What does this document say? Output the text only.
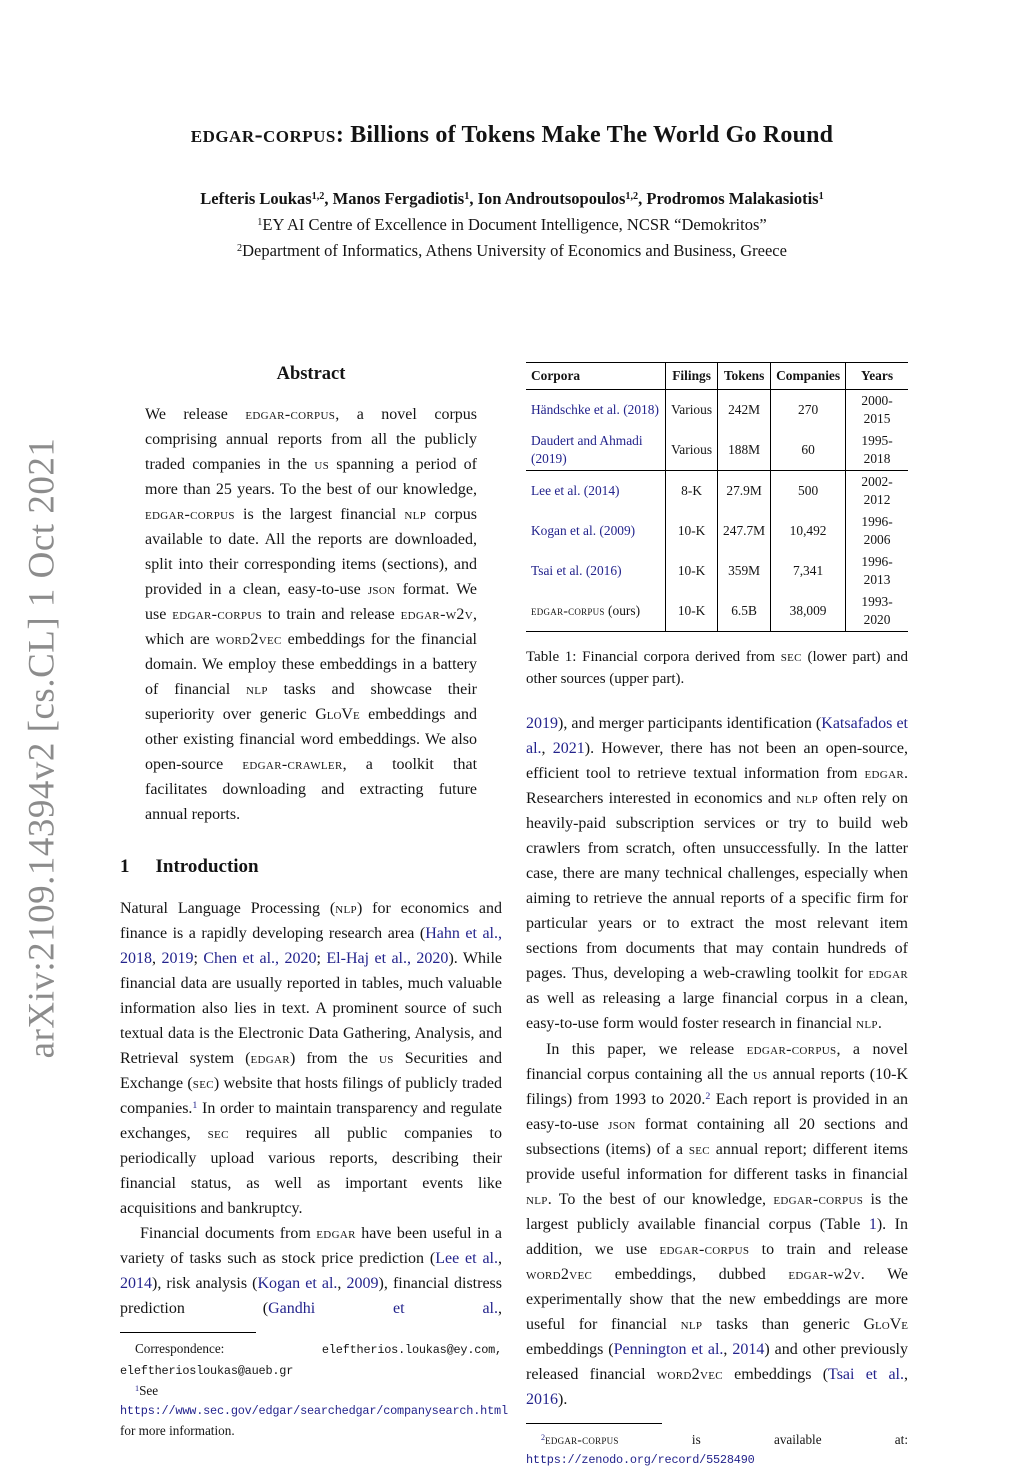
arXiv:2109.14394v2 [cs.CL] 1 Oct 2021
edgar-corpus: Billions of Tokens Make The World Go Round
Lefteris Loukas$^{1,2}$, Manos Fergadiotis$^1$, Ion Androutsopoulos$^{1,2}$, Prodromos Malakasiotis$^1$
$^1$EY AI Centre of Excellence in Document Intelligence, NCSR “Demokritos”
$^2$Department of Informatics, Athens University of Economics and Business, Greece
Abstract

We release edgar-corpus, a novel corpus comprising annual reports from all the publicly traded companies in the us spanning a period of more than 25 years. To the best of our knowledge, edgar-corpus is the largest financial nlp corpus available to date. All the reports are downloaded, split into their corresponding items (sections), and provided in a clean, easy-to-use json format. We use edgar-corpus to train and release edgar-w2v, which are word2vec embeddings for the financial domain. We employ these embeddings in a battery of financial nlp tasks and showcase their superiority over generic GloVe embeddings and other existing financial word embeddings. We also open-source edgar-crawler, a toolkit that facilitates downloading and extracting future annual reports.

1 Introduction

Natural Language Processing (nlp) for economics and finance is a rapidly developing research area (Hahn et al., 2018, 2019; Chen et al., 2020; El-Haj et al., 2020). While financial data are usually reported in tables, much valuable information also lies in text. A prominent source of such textual data is the Electronic Data Gathering, Analysis, and Retrieval system (edgar) from the us Securities and Exchange (sec) website that hosts filings of publicly traded companies.$^1$ In order to maintain transparency and regulate exchanges, sec requires all public companies to periodically upload various reports, describing their financial status, as well as important events like acquisitions and bankruptcy.

Financial documents from edgar have been useful in a variety of tasks such as stock price prediction (Lee et al., 2014), risk analysis (Kogan et al., 2009), financial distress prediction (Gandhi et al.,

Correspondence: eleftherios.loukas@ey.com, eleftheriosloukas@aueb.gr

$^1$See https://www.sec.gov/edgar/searchedgar/companysearch.html for more information.

Corpora	Filings	Tokens	Companies	Years
Händschke et al. (2018)	Various	242M	270	2000-2015
Daudert and Ahmadi (2019)	Various	188M	60	1995-2018
Lee et al. (2014)	8-K	27.9M	500	2002-2012
Kogan et al. (2009)	10-K	247.7M	10,492	1996-2006
Tsai et al. (2016)	10-K	359M	7,341	1996-2013
edgar-corpus (ours)	10-K	6.5B	38,009	1993-2020

Table 1: Financial corpora derived from sec (lower part) and other sources (upper part).

2019), and merger participants identification (Katsafados et al., 2021). However, there has not been an open-source, efficient tool to retrieve textual information from edgar. Researchers interested in economics and nlp often rely on heavily-paid subscription services or try to build web crawlers from scratch, often unsuccessfully. In the latter case, there are many technical challenges, especially when aiming to retrieve the annual reports of a specific firm for particular years or to extract the most relevant item sections from documents that may contain hundreds of pages. Thus, developing a web-crawling toolkit for edgar as well as releasing a large financial corpus in a clean, easy-to-use form would foster research in financial nlp.

In this paper, we release edgar-corpus, a novel financial corpus containing all the us annual reports (10-K filings) from 1993 to 2020.$^2$ Each report is provided in an easy-to-use json format containing all 20 sections and subsections (items) of a sec annual report; different items provide useful information for different tasks in financial nlp. To the best of our knowledge, edgar-corpus is the largest publicly available financial corpus (Table 1). In addition, we use edgar-corpus to train and release word2vec embeddings, dubbed edgar-w2v. We experimentally show that the new embeddings are more useful for financial nlp tasks than generic GloVe embeddings (Pennington et al., 2014) and other previously released financial word2vec embeddings (Tsai et al., 2016).

$^2$edgar-corpus is available at: https://zenodo.org/record/5528490
